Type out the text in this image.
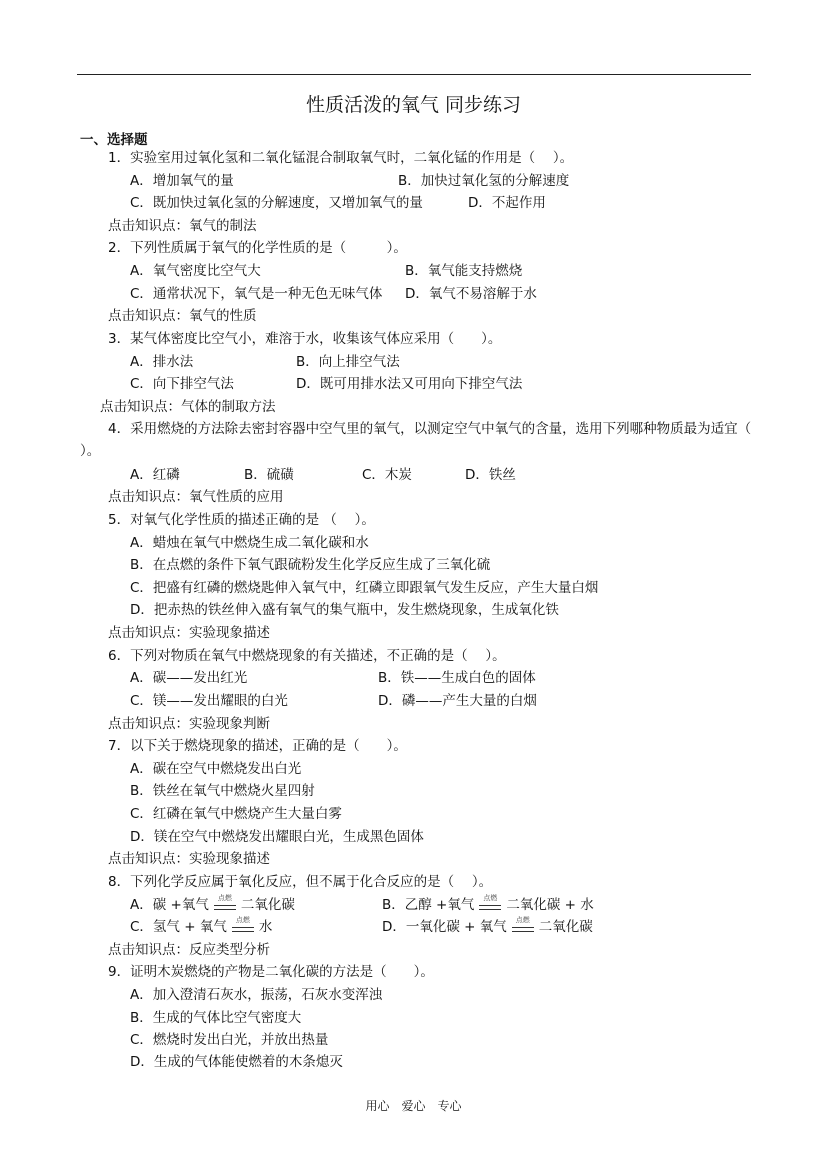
性质活泼的氧气 同步练习
一、选择题
1．实验室用过氧化氢和二氧化锰混合制取氧气时，二氧化锰的作用是（　 ）。
A．增加氧气的量	B．加快过氧化氢的分解速度
C．既加快过氧化氢的分解速度，又增加氧气的量	D．不起作用
点击知识点：氧气的制法
2．下列性质属于氧气的化学性质的是（　　　）。
A．氧气密度比空气大	B．氧气能支持燃烧
C．通常状况下，氧气是一种无色无味气体 D．氧气不易溶解于水
点击知识点：氧气的性质
3．某气体密度比空气小，难溶于水，收集该气体应采用（　　）。
A．排水法	B．向上排空气法
C．向下排空气法	D．既可用排水法又可用向下排空气法
点击知识点：气体的制取方法
4．采用燃烧的方法除去密封容器中空气里的氧气，以测定空气中氧气的含量，选用下列哪种物质最为适宜（　 ）。
A．红磷	B．硫磺	C．木炭	D．铁丝
点击知识点：氧气性质的应用
5．对氧气化学性质的描述正确的是 （　 ）。
A．蜡烛在氧气中燃烧生成二氧化碳和水
B．在点燃的条件下氧气跟硫粉发生化学反应生成了三氧化硫
C．把盛有红磷的燃烧匙伸入氧气中，红磷立即跟氧气发生反应，产生大量白烟
D．把赤热的铁丝伸入盛有氧气的集气瓶中，发生燃烧现象，生成氧化铁
点击知识点：实验现象描述
6．下列对物质在氧气中燃烧现象的有关描述，不正确的是（　 ）。
A．碳——发出红光	B．铁——生成白色的固体
C．镁——发出耀眼的白光	D．磷——产生大量的白烟
点击知识点：实验现象判断
7．以下关于燃烧现象的描述，正确的是（　　）。
A．碳在空气中燃烧发出白光
B．铁丝在氧气中燃烧火星四射
C．红磷在氧气中燃烧产生大量白雾
D．镁在空气中燃烧发出耀眼白光，生成黑色固体
点击知识点：实验现象描述
8．下列化学反应属于氧化反应，但不属于化合反应的是（　 ）。
A．碳 +氧气	点燃 二氧化碳	B．乙醇 +氧气	点燃 二氧化碳 + 水
C．氢气 + 氧气	点燃 水	D．一氧化碳 + 氧气	点燃 二氧化碳
点击知识点：反应类型分析
9．证明木炭燃烧的产物是二氧化碳的方法是（　　）。
A．加入澄清石灰水，振荡，石灰水变浑浊
B．生成的气体比空气密度大
C．燃烧时发出白光，并放出热量
D．生成的气体能使燃着的木条熄灭
用心　爱心　专心
